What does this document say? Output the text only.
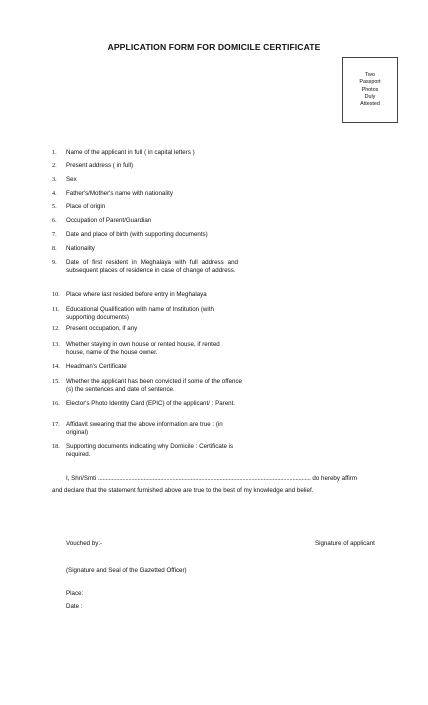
APPLICATION FORM FOR DOMICILE CERTIFICATE
Two
Passport
Photos
Duly
Attested
1.	Name of the applicant in full ( in capital letters )
2.	Present address ( in full)
3.	Sex
4.	Father's/Mother's name with nationality
5.	Place of origin
6.	Occupation of Parent/Guardian
7.	Date and place of birth (with supporting documents)
8.	Nationality
9.	Date of first resident in Meghalaya with full address and subsequent places of residence in case of change of address.
10.	Place where last resided before entry in Meghalaya
11.	Educational Qualification with name of Institution (with supporting documents)
12.	Present occupation, if any
13.	Whether staying in own house or rented house, if rented house, name of the house owner.
14.	Headman's Certificate
15.	Whether the applicant has been convicted if some of the offence (s) the sentences and date of sentence.
16.	Elector's Photo Identity Card (EPIC) of the applicant/ : Parent.
17.	Affidavit swearing that the above information are true : (in original)
18.	Supporting documents indicating why Domicile : Certificate is required.
I, Shri/Smti ............................................................................................................................................ do hereby affirm
and declare that the statement furnished above are true to the best of my knowledge and belief.
Vouched by:-	Signature of applicant
(Signature and Seal of the Gazetted Officer)
Place:
Date :
